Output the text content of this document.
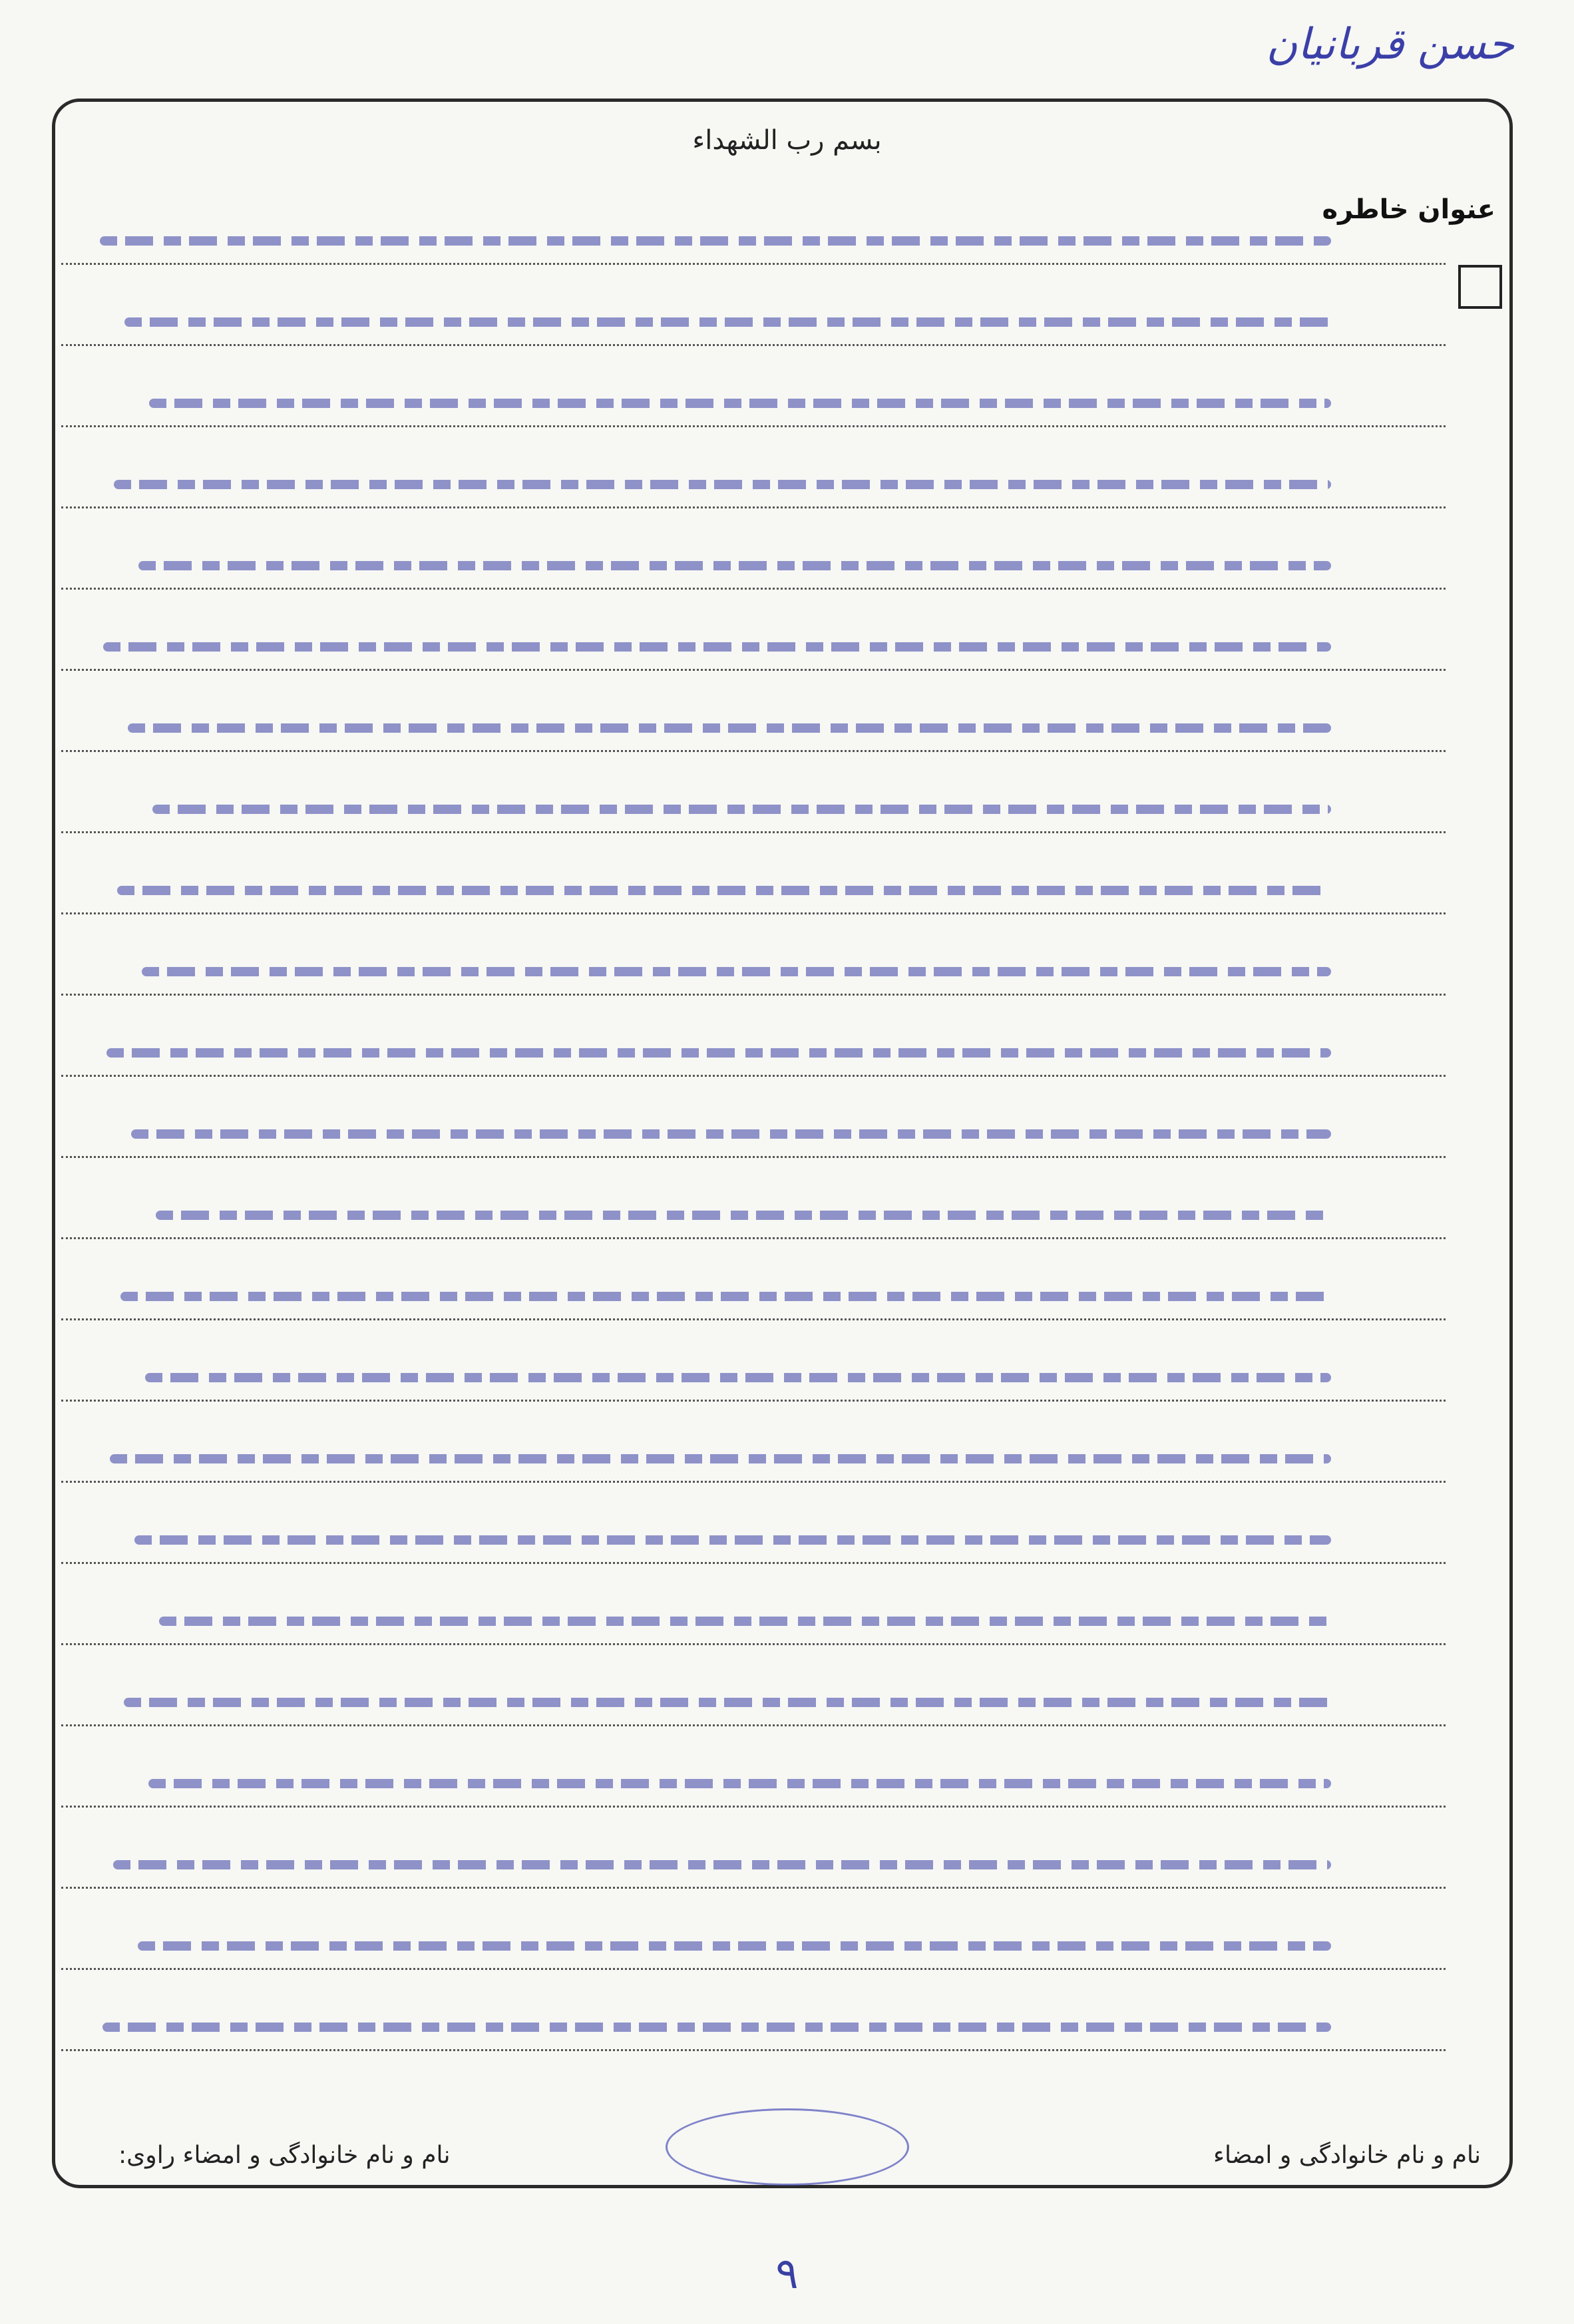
حسن قربانیان
بسم رب الشهداء
عنوان خاطره
نام و نام خانوادگی و امضاء راوی:	نام و نام خانوادگی و امضاء
۹
